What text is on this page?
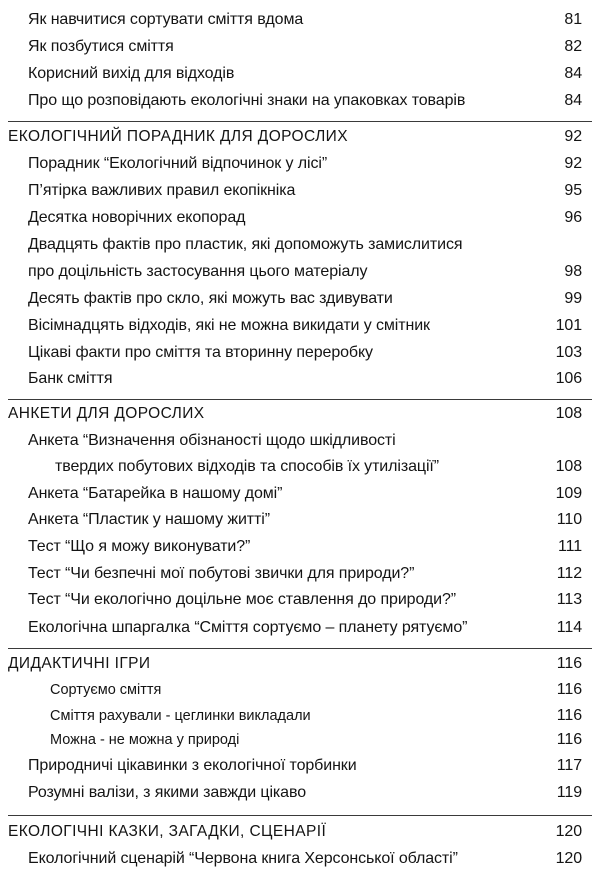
Як навчитися сортувати сміття вдома	81
Як позбутися сміття	82
Корисний вихід для відходів	84
Про що розповідають екологічні знаки на упаковках товарів	84
ЕКОЛОГІЧНИЙ ПОРАДНИК ДЛЯ ДОРОСЛИХ	92
Порадник “Екологічний відпочинок у лісі”	92
П’ятірка важливих правил екопікніка	95
Десятка новорічних екопорад	96
Двадцять фактів про пластик, які допоможуть замислитися
про доцільність застосування цього матеріалу	98
Десять фактів про скло, які можуть вас здивувати	99
Вісімнадцять відходів, які не можна викидати у смітник	101
Цікаві факти про сміття та вторинну переробку	103
Банк сміття	106
АНКЕТИ ДЛЯ ДОРОСЛИХ	108
Анкета “Визначення обізнаності щодо шкідливості
твердих побутових відходів та способів їх утилізації”	108
Анкета “Батарейка в нашому домі”	109
Анкета “Пластик у нашому житті”	110
Тест “Що я можу виконувати?”	111
Тест “Чи безпечні мої побутові звички для природи?”	112
Тест “Чи екологічно доцільне моє ставлення до природи?”	113
Екологічна шпаргалка “Сміття сортуємо – планету рятуємо”	114
ДИДАКТИЧНІ ІГРИ	116
Сортуємо сміття	116
Сміття рахували - цеглинки викладали	116
Можна - не можна у природі	116
Природничі цікавинки з екологічної торбинки	117
Розумні валізи, з якими завжди цікаво	119
ЕКОЛОГІЧНІ КАЗКИ, ЗАГАДКИ, СЦЕНАРІЇ	120
Екологічний сценарій “Червона книга Херсонської області”	120
